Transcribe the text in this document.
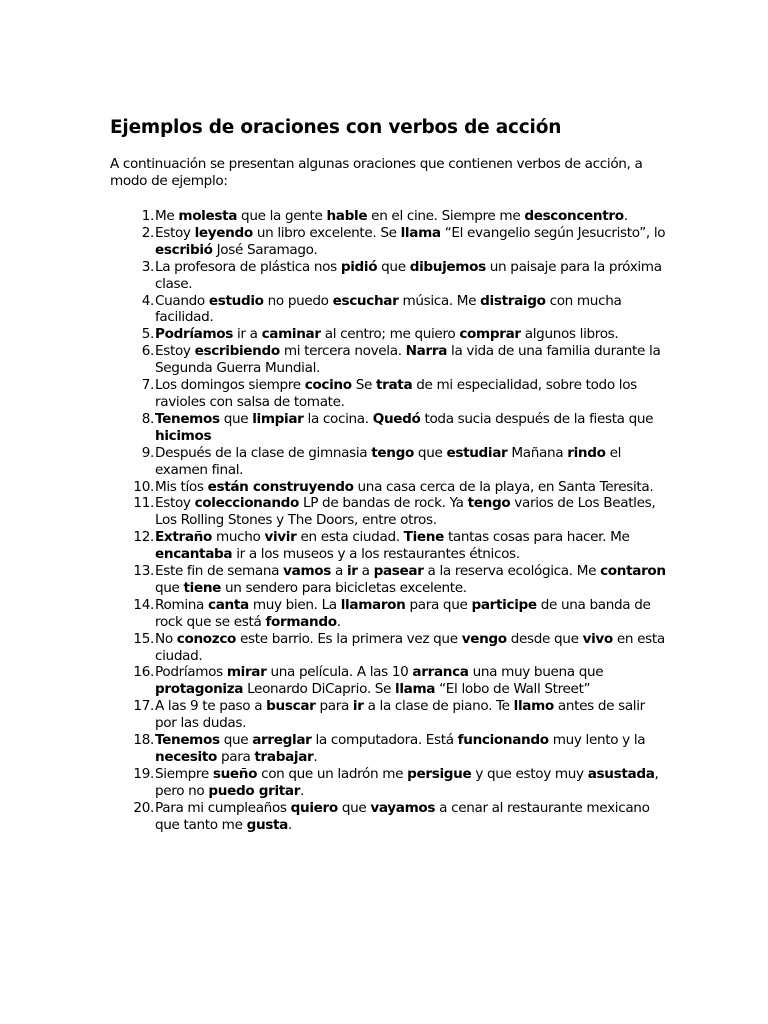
Ejemplos de oraciones con verbos de acción

A continuación se presentan algunas oraciones que contienen verbos de acción, a modo de ejemplo:

1. Me molesta que la gente hable en el cine. Siempre me desconcentro.
2. Estoy leyendo un libro excelente. Se llama “El evangelio según Jesucristo”, lo escribió José Saramago.
3. La profesora de plástica nos pidió que dibujemos un paisaje para la próxima clase.
4. Cuando estudio no puedo escuchar música. Me distraigo con mucha facilidad.
5. Podríamos ir a caminar al centro; me quiero comprar algunos libros.
6. Estoy escribiendo mi tercera novela. Narra la vida de una familia durante la Segunda Guerra Mundial.
7. Los domingos siempre cocino Se trata de mi especialidad, sobre todo los ravioles con salsa de tomate.
8. Tenemos que limpiar la cocina. Quedó toda sucia después de la fiesta que hicimos
9. Después de la clase de gimnasia tengo que estudiar Mañana rindo el examen final.
10. Mis tíos están construyendo una casa cerca de la playa, en Santa Teresita.
11. Estoy coleccionando LP de bandas de rock. Ya tengo varios de Los Beatles, Los Rolling Stones y The Doors, entre otros.
12. Extraño mucho vivir en esta ciudad. Tiene tantas cosas para hacer. Me encantaba ir a los museos y a los restaurantes étnicos.
13. Este fin de semana vamos a ir a pasear a la reserva ecológica. Me contaron que tiene un sendero para bicicletas excelente.
14. Romina canta muy bien. La llamaron para que participe de una banda de rock que se está formando.
15. No conozco este barrio. Es la primera vez que vengo desde que vivo en esta ciudad.
16. Podríamos mirar una película. A las 10 arranca una muy buena que protagoniza Leonardo DiCaprio. Se llama “El lobo de Wall Street”
17. A las 9 te paso a buscar para ir a la clase de piano. Te llamo antes de salir por las dudas.
18. Tenemos que arreglar la computadora. Está funcionando muy lento y la necesito para trabajar.
19. Siempre sueño con que un ladrón me persigue y que estoy muy asustada, pero no puedo gritar.
20. Para mi cumpleaños quiero que vayamos a cenar al restaurante mexicano que tanto me gusta.
